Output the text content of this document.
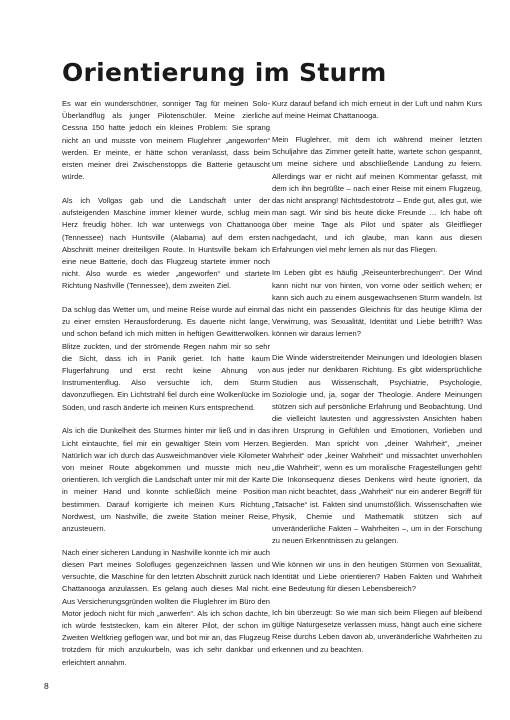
Orientierung im Sturm

Es war ein wunderschöner, sonniger Tag für meinen Solo-Überlandflug als junger Pilotenschüler. Meine zierliche Cessna 150 hatte jedoch ein kleines Problem: Sie sprang nicht an und musste von meinem Fluglehrer „angeworfen“ werden. Er meinte, er hätte schon veranlasst, dass beim ersten meiner drei Zwischenstopps die Batterie getauscht würde.

Als ich Vollgas gab und die Landschaft unter der aufsteigenden Maschine immer kleiner wurde, schlug mein Herz freudig höher. Ich war unterwegs von Chattanooga (Tennessee) nach Huntsville (Alabama) auf dem ersten Abschnitt meiner dreiteiligen Route. In Huntsville bekam ich eine neue Batterie, doch das Flugzeug startete immer noch nicht. Also wurde es wieder „angeworfen“ und startete Richtung Nashville (Tennessee), dem zweiten Ziel.

Da schlug das Wetter um, und meine Reise wurde auf einmal zu einer ernsten Herausforderung. Es dauerte nicht lange, und schon befand ich mich mitten in heftigen Gewitterwolken. Blitze zuckten, und der strömende Regen nahm mir so sehr die Sicht, dass ich in Panik geriet. Ich hatte kaum Flugerfahrung und erst recht keine Ahnung von Instrumentenflug. Also versuchte ich, dem Sturm davonzufliegen. Ein Lichtstrahl fiel durch eine Wolkenlücke im Süden, und rasch änderte ich meinen Kurs entsprechend.

Als ich die Dunkelheit des Sturmes hinter mir ließ und in das Licht eintauchte, fiel mir ein gewaltiger Stein vom Herzen. Natürlich war ich durch das Ausweichmanöver viele Kilometer von meiner Route abgekommen und musste mich neu orientieren. Ich verglich die Landschaft unter mir mit der Karte in meiner Hand und konnte schließlich meine Position bestimmen. Darauf korrigierte ich meinen Kurs Richtung Nordwest, um Nashville, die zweite Station meiner Reise, anzusteuern.

Nach einer sicheren Landung in Nashville konnte ich mir auch diesen Part meines Solofluges gegenzeichnen lassen und versuchte, die Maschine für den letzten Abschnitt zurück nach Chattanooga anzulassen. Es gelang auch dieses Mal nicht. Aus Versicherungsgründen wollten die Fluglehrer im Büro den Motor jedoch nicht für mich „anwerfen“. Als ich schon dachte, ich würde feststecken, kam ein älterer Pilot, der schon im Zweiten Weltkrieg geflogen war, und bot mir an, das Flugzeug trotzdem für mich anzukurbeln, was ich sehr dankbar und erleichtert annahm.

Kurz darauf befand ich mich erneut in der Luft und nahm Kurs auf meine Heimat Chattanooga.

Mein Fluglehrer, mit dem ich während meiner letzten Schuljahre das Zimmer geteilt hatte, wartete schon gespannt, um meine sichere und abschließende Landung zu feiern. Allerdings war er nicht auf meinen Kommentar gefasst, mit dem ich ihn begrüßte – nach einer Reise mit einem Flugzeug, das nicht ansprang! Nichtsdestotrotz – Ende gut, alles gut, wie man sagt. Wir sind bis heute dicke Freunde … Ich habe oft über meine Tage als Pilot und später als Gleitflieger nachgedacht, und ich glaube, man kann aus diesen Erfahrungen viel mehr lernen als nur das Fliegen.

Im Leben gibt es häufig „Reiseunterbrechungen“. Der Wind kann nicht nur von hinten, von vorne oder seitlich wehen; er kann sich auch zu einem ausgewachsenen Sturm wandeln. Ist das nicht ein passendes Gleichnis für das heutige Klima der Verwirrung, was Sexualität, Identität und Liebe betrifft? Was können wir daraus lernen?

Die Winde widerstreitender Meinungen und Ideologien blasen aus jeder nur denkbaren Richtung. Es gibt widersprüchliche Studien aus Wissenschaft, Psychiatrie, Psychologie, Soziologie und, ja, sogar der Theologie. Andere Meinungen stützen sich auf persönliche Erfahrung und Beobachtung. Und die vielleicht lautesten und aggressivsten Ansichten haben ihren Ursprung in Gefühlen und Emotionen, Vorlieben und Begierden. Man spricht von „deiner Wahrheit“, „meiner Wahrheit“ oder „keiner Wahrheit“ und missachtet unverhohlen „die Wahrheit“, wenn es um moralische Fragestellungen geht! Die Inkonsequenz dieses Denkens wird heute ignoriert, da man nicht beachtet, dass „Wahrheit“ nur ein anderer Begriff für „Tatsache“ ist. Fakten sind unumstößlich. Wissenschaften wie Physik, Chemie und Mathematik stützen sich auf unveränderliche Fakten – Wahrheiten –, um in der Forschung zu neuen Erkenntnissen zu gelangen.

Wie können wir uns in den heutigen Stürmen von Sexualität, Identität und Liebe orientieren? Haben Fakten und Wahrheit eine Bedeutung für diesen Lebensbereich?

Ich bin überzeugt: So wie man sich beim Fliegen auf bleibend gültige Naturgesetze verlassen muss, hängt auch eine sichere Reise durchs Leben davon ab, unveränderliche Wahrheiten zu erkennen und zu beachten.

8
